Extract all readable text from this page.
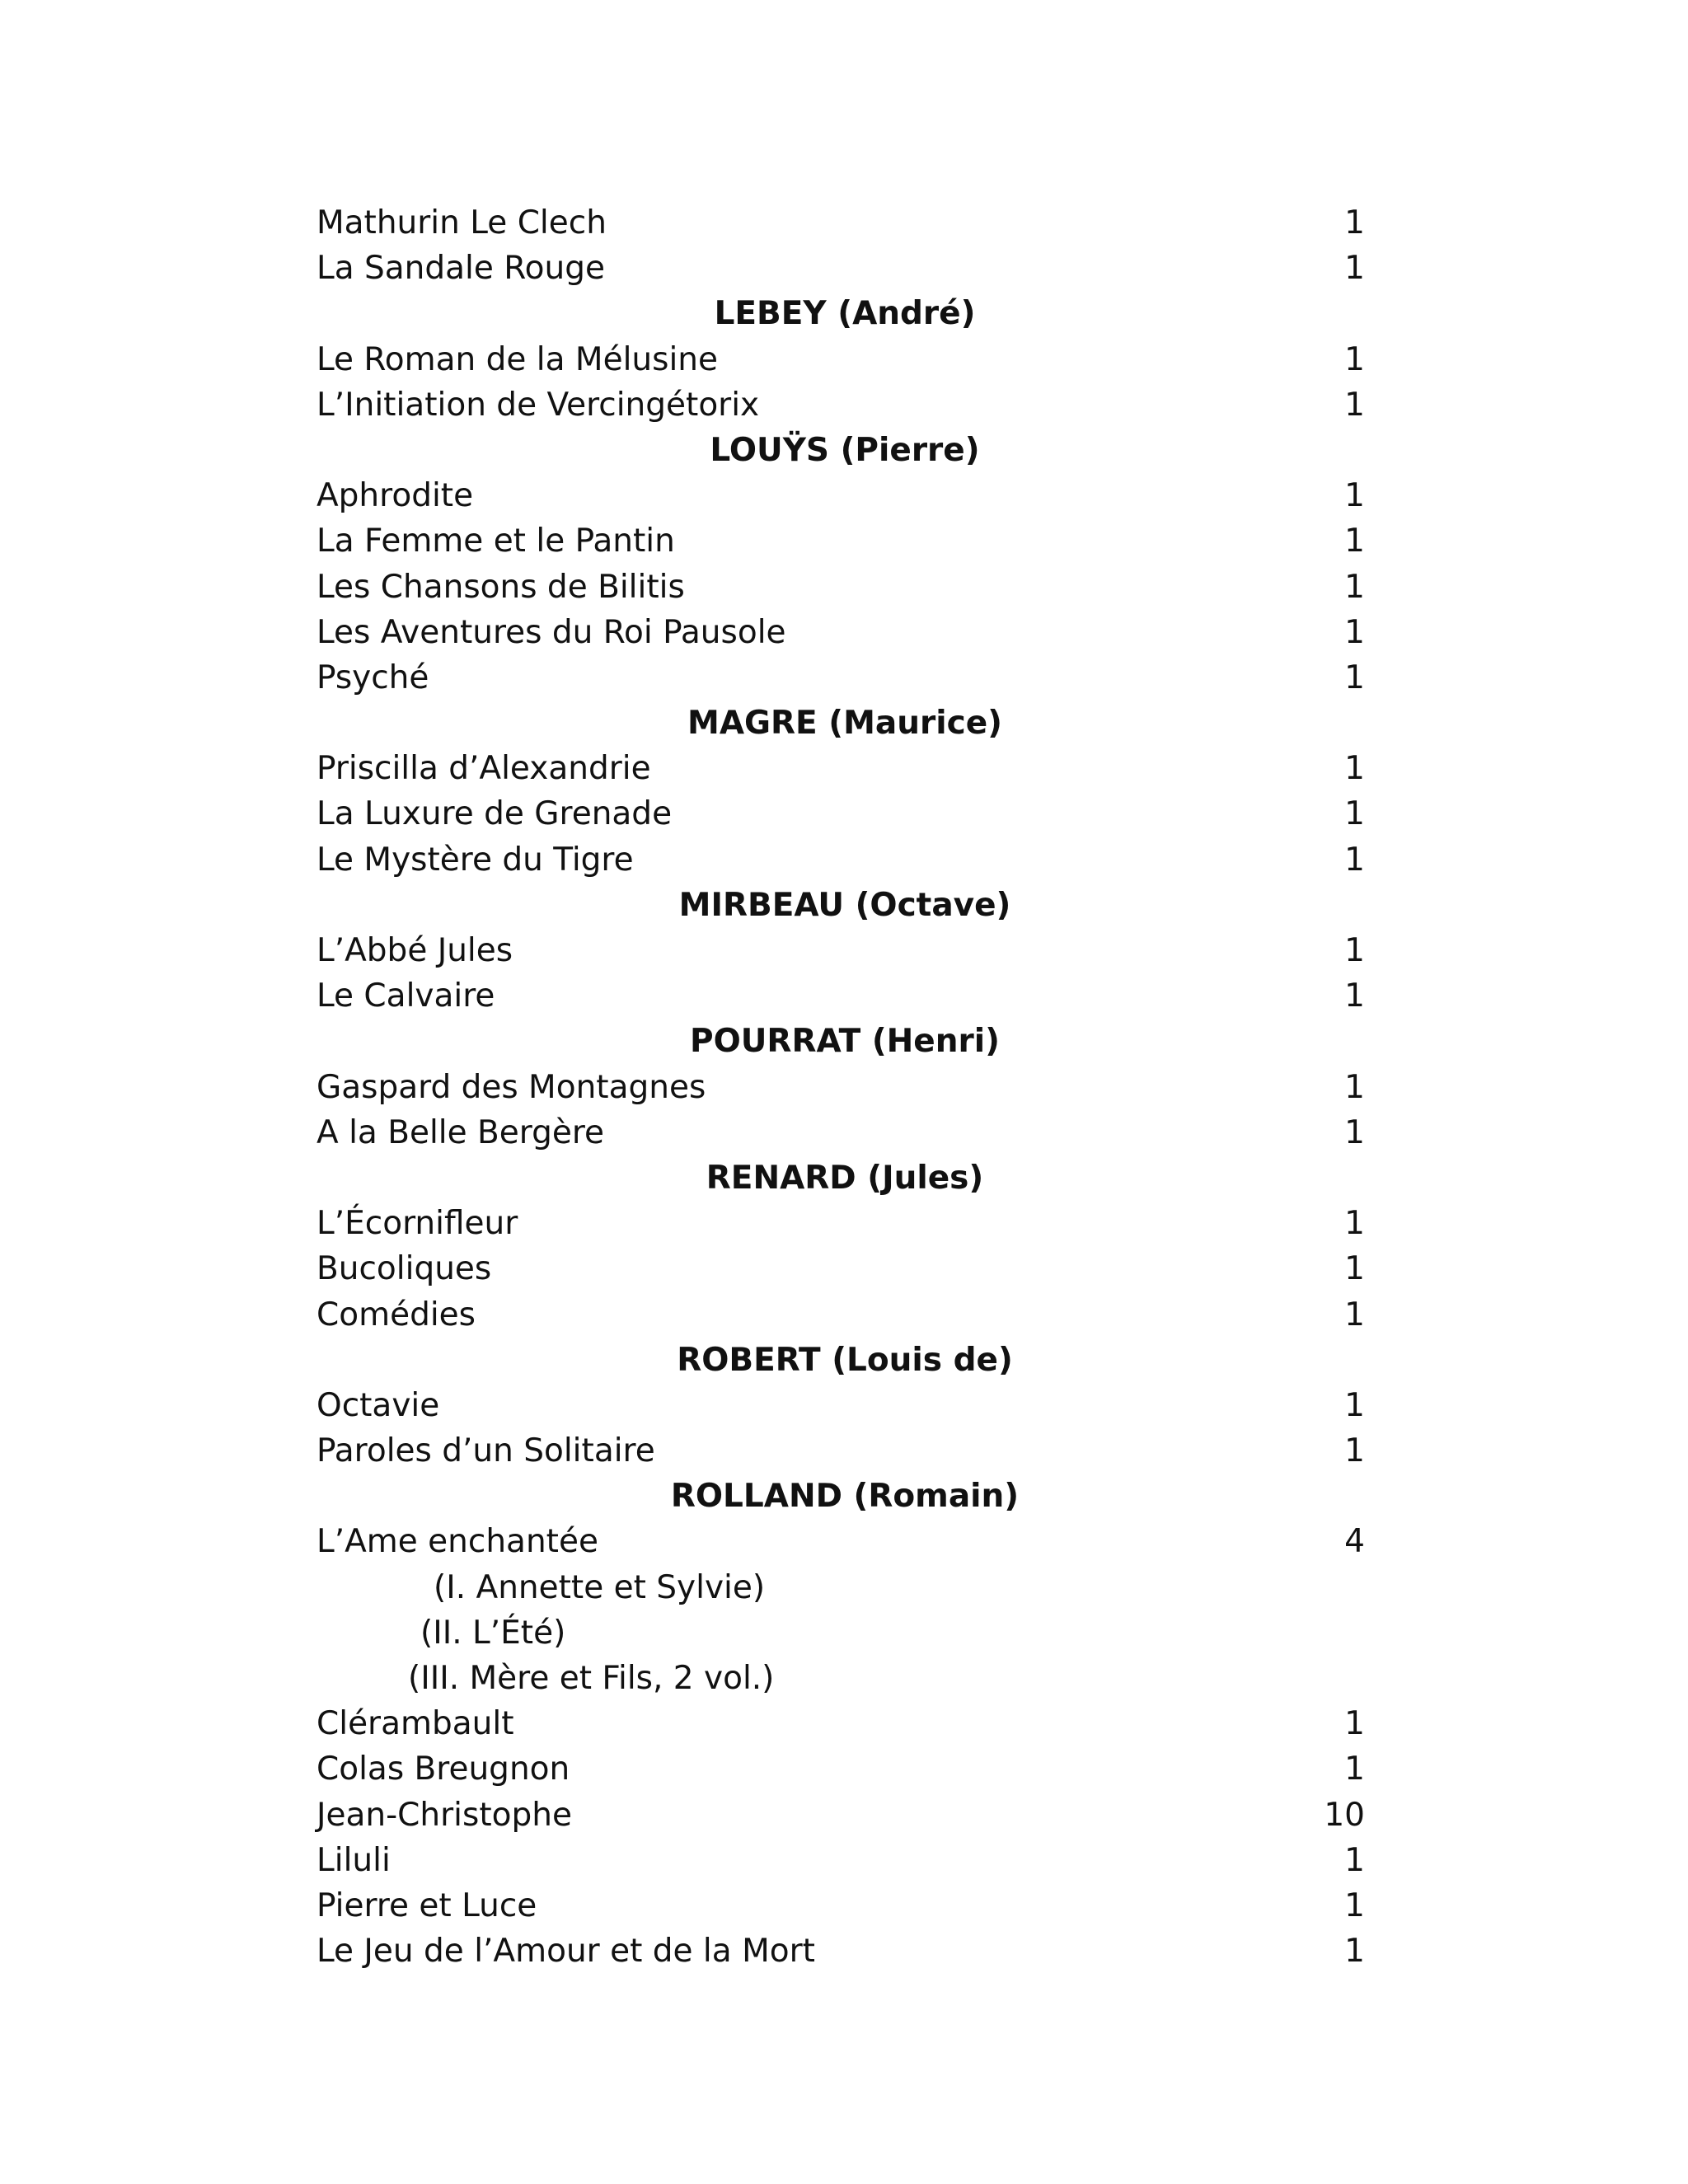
Mathurin Le Clech	1
La Sandale Rouge	1
LEBEY (André)
Le Roman de la Mélusine	1
L’Initiation de Vercingétorix	1
LOUŸS (Pierre)
Aphrodite	1
La Femme et le Pantin	1
Les Chansons de Bilitis	1
Les Aventures du Roi Pausole	1
Psyché	1
MAGRE (Maurice)
Priscilla d’Alexandrie	1
La Luxure de Grenade	1
Le Mystère du Tigre	1
MIRBEAU (Octave)
L’Abbé Jules	1
Le Calvaire	1
POURRAT (Henri)
Gaspard des Montagnes	1
A la Belle Bergère	1
RENARD (Jules)
L’Écornifleur	1
Bucoliques	1
Comédies	1
ROBERT (Louis de)
Octavie	1
Paroles d’un Solitaire	1
ROLLAND (Romain)
L’Ame enchantée	4
(I. Annette et Sylvie)
(II. L’Été)
(III. Mère et Fils, 2 vol.)
Clérambault	1
Colas Breugnon	1
Jean-Christophe	10
Liluli	1
Pierre et Luce	1
Le Jeu de l’Amour et de la Mort	1
